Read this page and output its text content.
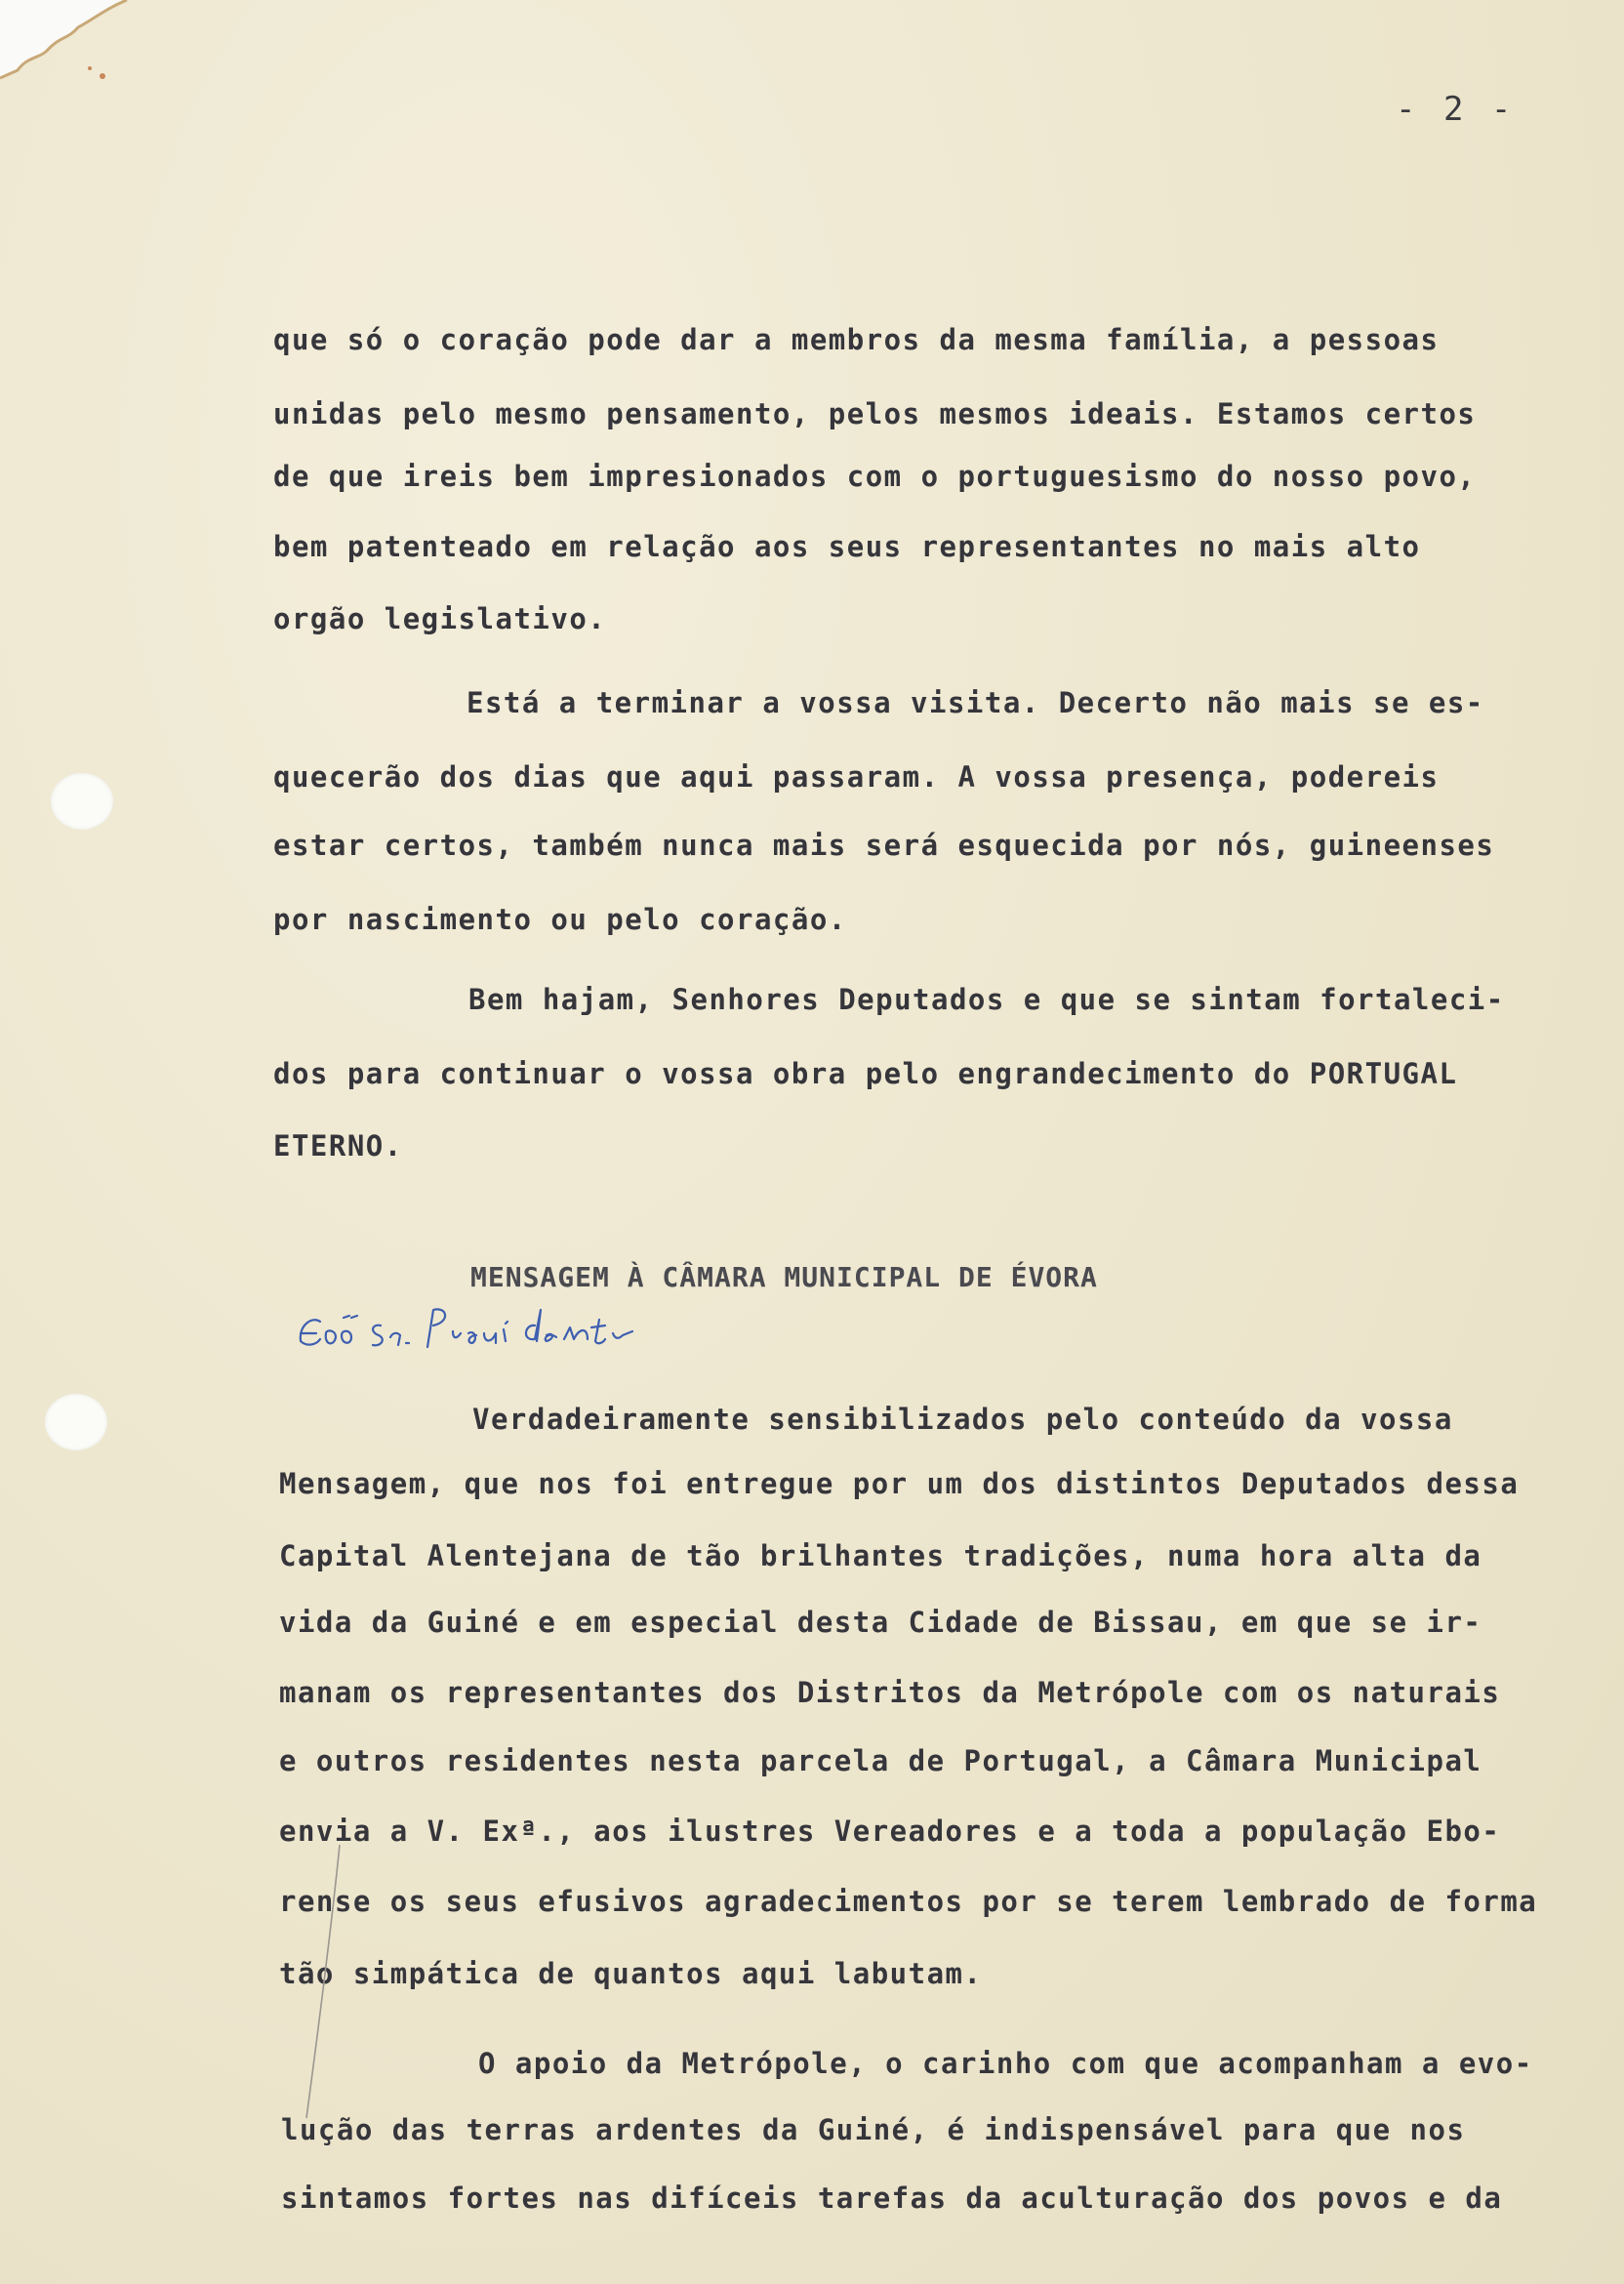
- 2 -
que só o coração pode dar a membros da mesma família, a pessoas
unidas pelo mesmo pensamento, pelos mesmos ideais. Estamos certos
de que ireis bem impresionados com o portuguesismo do nosso povo,
bem patenteado em relação aos seus representantes no mais alto
orgão legislativo.
Está a terminar a vossa visita. Decerto não mais se es-
quecerão dos dias que aqui passaram. A vossa presença, podereis
estar certos, também nunca mais será esquecida por nós, guineenses
por nascimento ou pelo coração.
Bem hajam, Senhores Deputados e que se sintam fortaleci-
dos para continuar o vossa obra pelo engrandecimento do PORTUGAL
ETERNO.
MENSAGEM À CÂMARA MUNICIPAL DE ÉVORA
Verdadeiramente sensibilizados pelo conteúdo da vossa
Mensagem, que nos foi entregue por um dos distintos Deputados dessa
Capital Alentejana de tão brilhantes tradições, numa hora alta da
vida da Guiné e em especial desta Cidade de Bissau, em que se ir-
manam os representantes dos Distritos da Metrópole com os naturais
e outros residentes nesta parcela de Portugal, a Câmara Municipal
envia a V. Exª., aos ilustres Vereadores e a toda a população Ebo-
rense os seus efusivos agradecimentos por se terem lembrado de forma
tão simpática de quantos aqui labutam.
O apoio da Metrópole, o carinho com que acompanham a evo-
lução das terras ardentes da Guiné, é indispensável para que nos
sintamos fortes nas difíceis tarefas da aculturação dos povos e da
